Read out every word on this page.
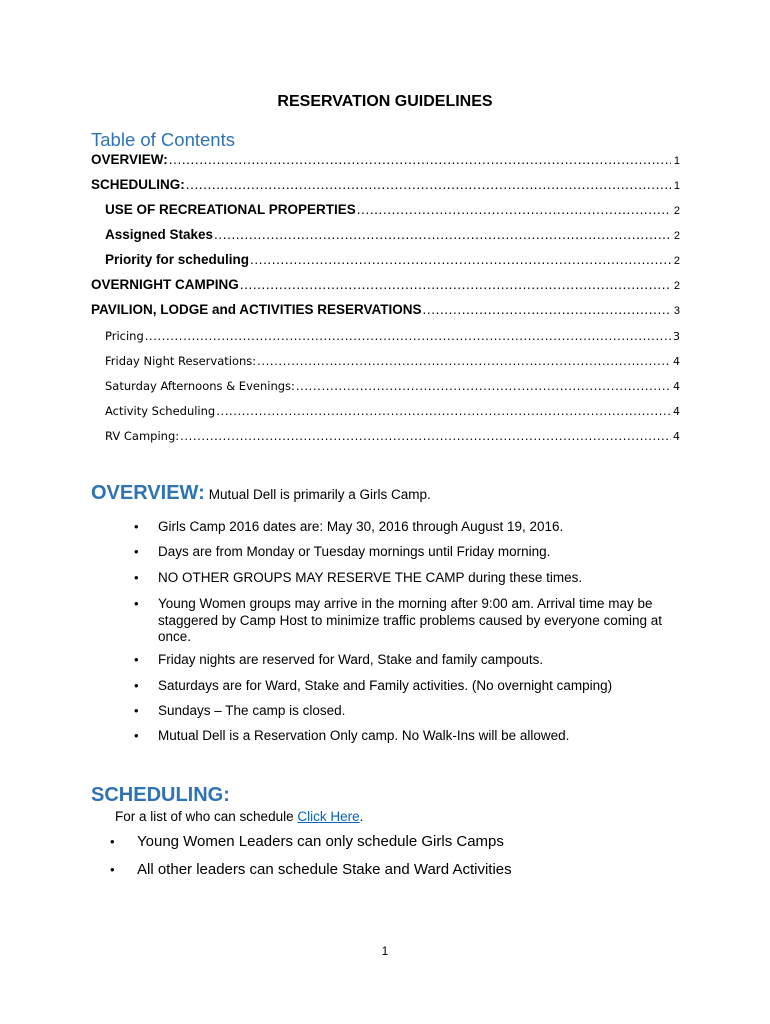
RESERVATION GUIDELINES
Table of Contents
OVERVIEW: .....	1
SCHEDULING: .....	1
USE OF RECREATIONAL PROPERTIES .....	2
Assigned Stakes .....	2
Priority for scheduling .....	2
OVERNIGHT CAMPING .....	2
PAVILION, LODGE and ACTIVITIES RESERVATIONS .....	3
Pricing .....	3
Friday Night Reservations: .....	4
Saturday Afternoons & Evenings: .....	4
Activity Scheduling .....	4
RV Camping: .....	4
OVERVIEW: Mutual Dell is primarily a Girls Camp.
• Girls Camp 2016 dates are: May 30, 2016 through August 19, 2016.
• Days are from Monday or Tuesday mornings until Friday morning.
• NO OTHER GROUPS MAY RESERVE THE CAMP during these times.
• Young Women groups may arrive in the morning after 9:00 am. Arrival time may be staggered by Camp Host to minimize traffic problems caused by everyone coming at once.
• Friday nights are reserved for Ward, Stake and family campouts.
• Saturdays are for Ward, Stake and Family activities. (No overnight camping)
• Sundays – The camp is closed.
• Mutual Dell is a Reservation Only camp. No Walk-Ins will be allowed.
SCHEDULING:
For a list of who can schedule Click Here.
• Young Women Leaders can only schedule Girls Camps
• All other leaders can schedule Stake and Ward Activities
1
